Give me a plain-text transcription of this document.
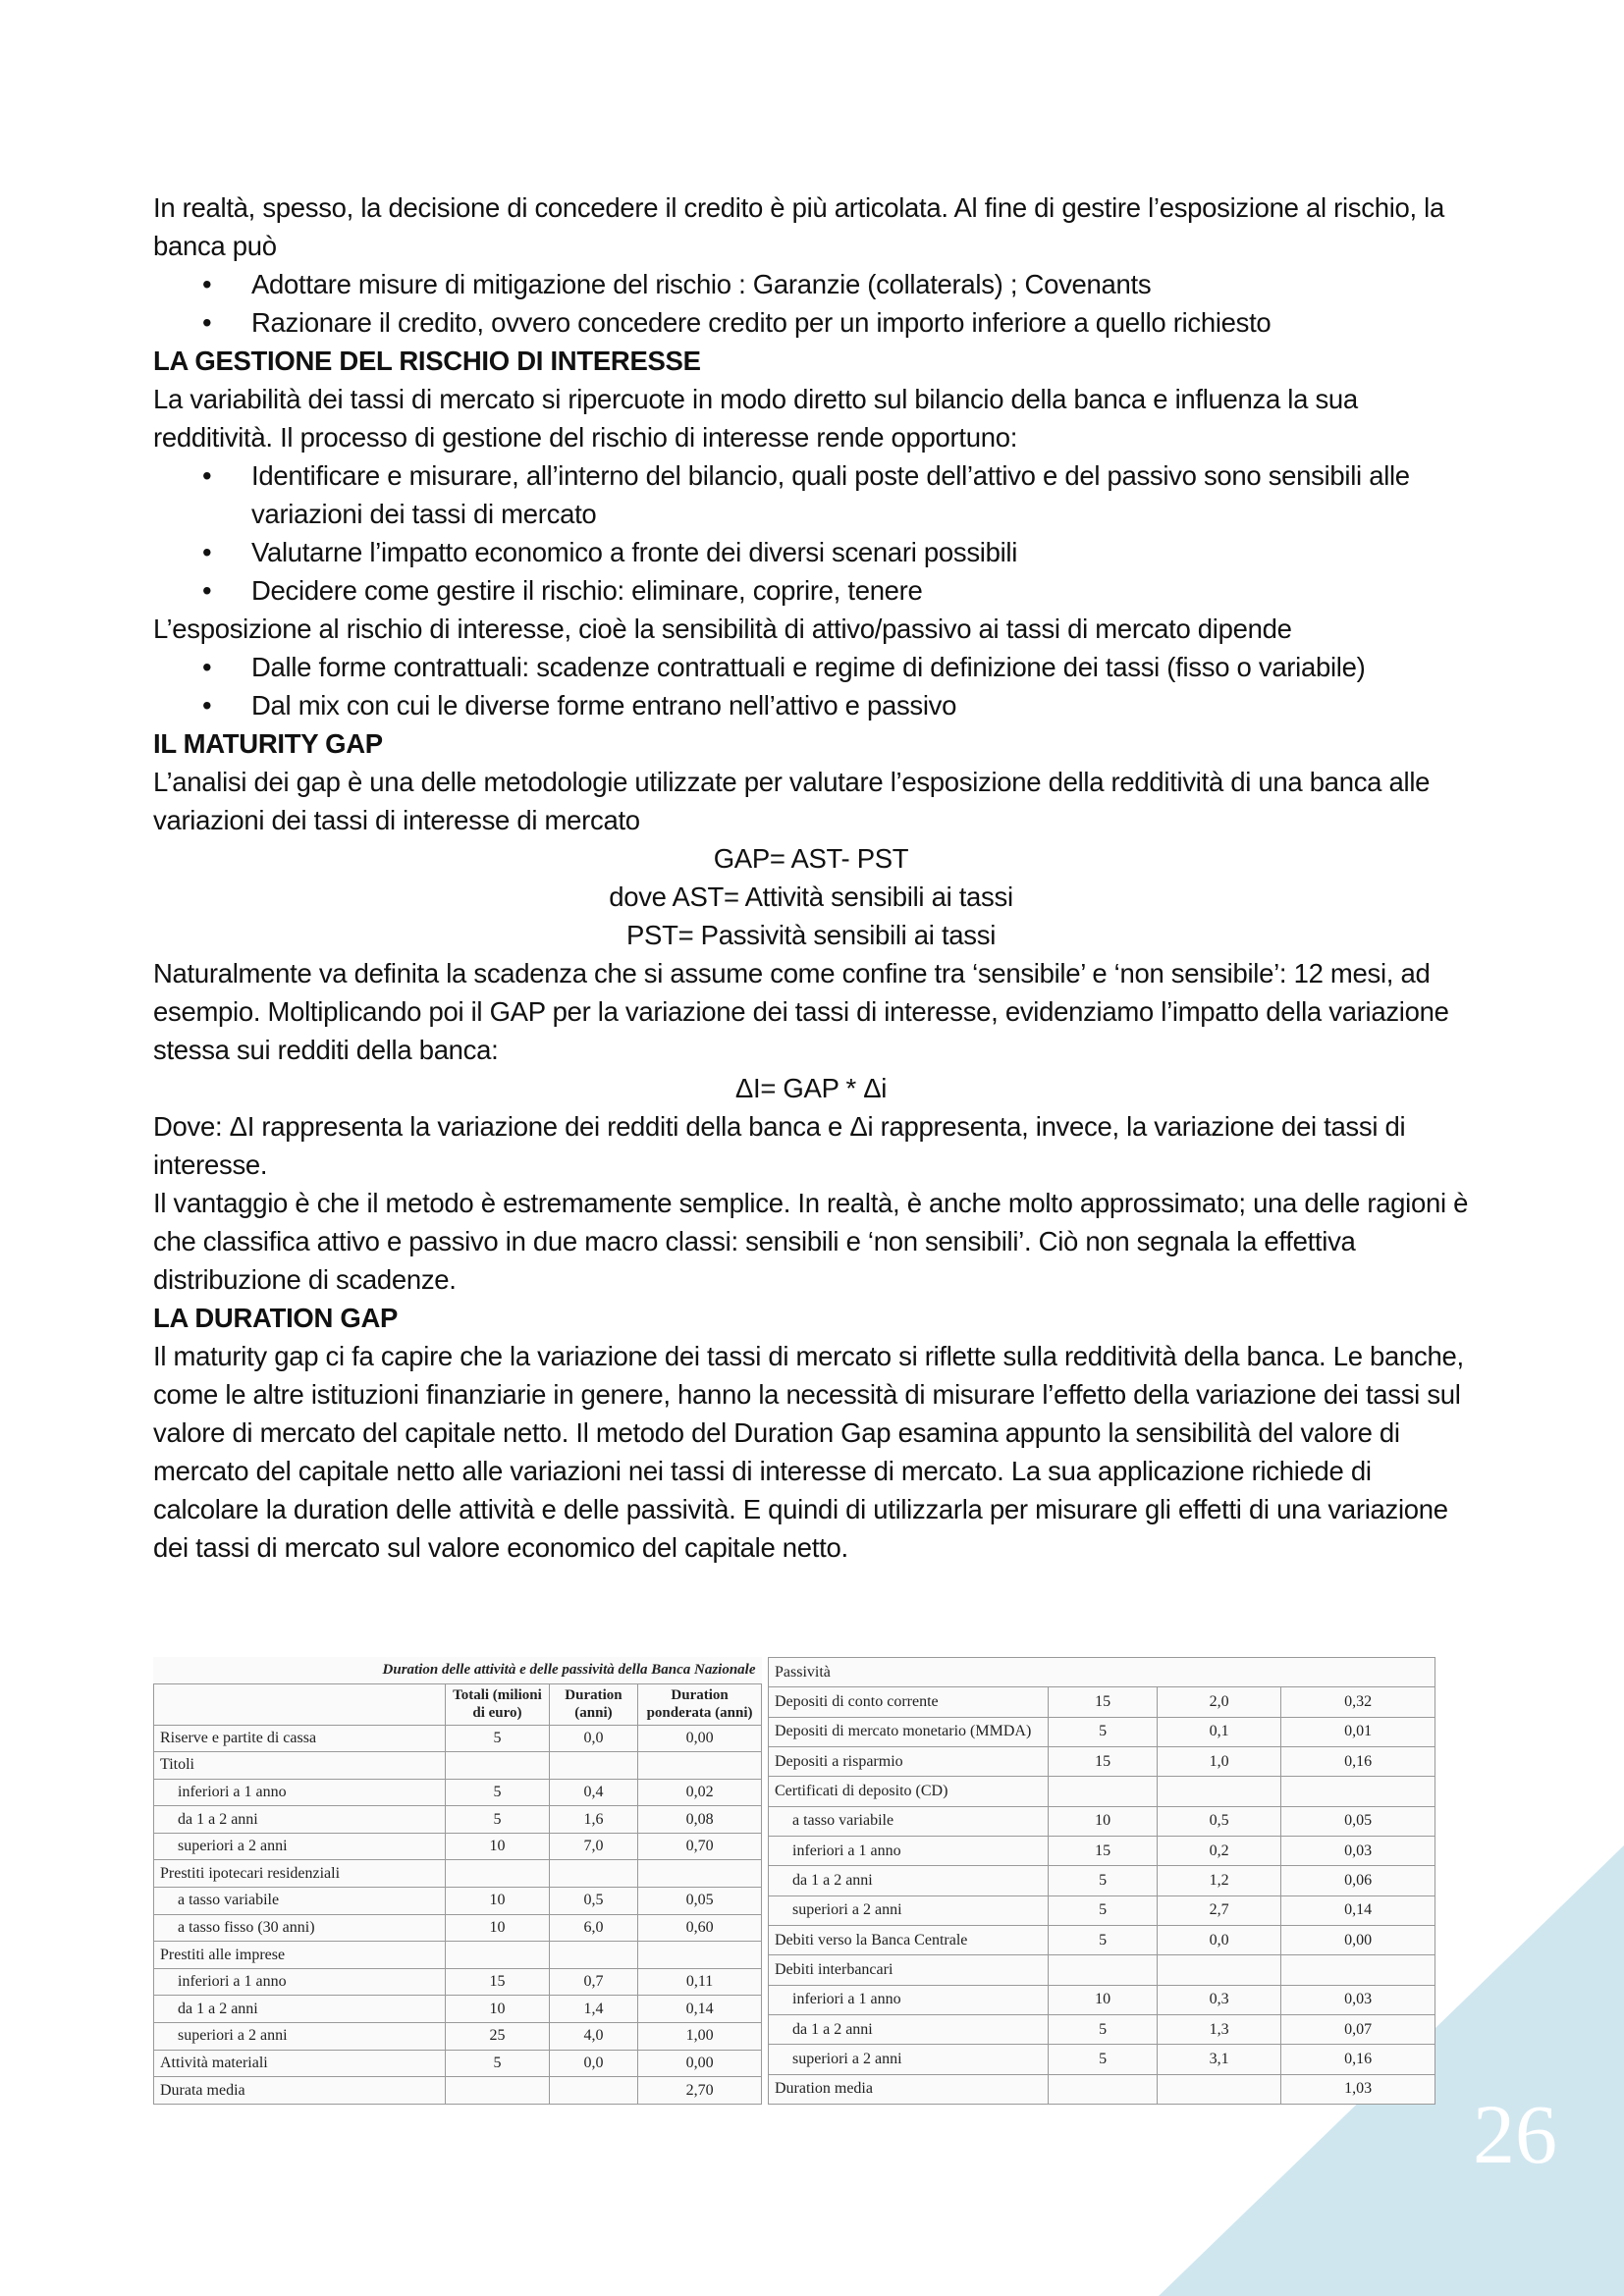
26

In realtà, spesso, la decisione di concedere il credito è più articolata. Al fine di gestire l’esposizione al rischio, la banca può

• Adottare misure di mitigazione del rischio : Garanzie (collaterals) ; Covenants
• Razionare il credito, ovvero concedere credito per un importo inferiore a quello richiesto
LA GESTIONE DEL RISCHIO DI INTERESSE

La variabilità dei tassi di mercato si ripercuote in modo diretto sul bilancio della banca e influenza la sua redditività. Il processo di gestione del rischio di interesse rende opportuno:

• Identificare e misurare, all’interno del bilancio, quali poste dell’attivo e del passivo sono sensibili alle variazioni dei tassi di mercato
• Valutarne l’impatto economico a fronte dei diversi scenari possibili
• Decidere come gestire il rischio: eliminare, coprire, tenere

L’esposizione al rischio di interesse, cioè la sensibilità di attivo/passivo ai tassi di mercato dipende

• Dalle forme contrattuali: scadenze contrattuali e regime di definizione dei tassi (fisso o variabile)
• Dal mix con cui le diverse forme entrano nell’attivo e passivo
IL MATURITY GAP

L’analisi dei gap è una delle metodologie utilizzate per valutare l’esposizione della redditività di una banca alle variazioni dei tassi di interesse di mercato

GAP= AST- PST

dove AST= Attività sensibili ai tassi

PST= Passività sensibili ai tassi

Naturalmente va definita la scadenza che si assume come confine tra ‘sensibile’ e ‘non sensibile’: 12 mesi, ad esempio. Moltiplicando poi il GAP per la variazione dei tassi di interesse, evidenziamo l’impatto della variazione stessa sui redditi della banca:

ΔI= GAP * Δi

Dove: ΔI rappresenta la variazione dei redditi della banca e Δi rappresenta, invece, la variazione dei tassi di interesse.

Il vantaggio è che il metodo è estremamente semplice. In realtà, è anche molto approssimato; una delle ragioni è che classifica attivo e passivo in due macro classi: sensibili e ‘non sensibili’. Ciò non segnala la effettiva distribuzione di scadenze.

LA DURATION GAP

Il maturity gap ci fa capire che la variazione dei tassi di mercato si riflette sulla redditività della banca. Le banche, come le altre istituzioni finanziarie in genere, hanno la necessità di misurare l’effetto della variazione dei tassi sul valore di mercato del capitale netto. Il metodo del Duration Gap esamina appunto la sensibilità del valore di mercato del capitale netto alle variazioni nei tassi di interesse di mercato. La sua applicazione richiede di calcolare la duration delle attività e delle passività. E quindi di utilizzarla per misurare gli effetti di una variazione dei tassi di mercato sul valore economico del capitale netto.

Duration delle attività e delle passività della Banca Nazionale			
	Totali (milioni di euro)	Duration (anni)	Duration ponderata (anni)
Riserve e partite di cassa	5	0,0	0,00
Titoli			
inferiori a 1 anno	5	0,4	0,02
da 1 a 2 anni	5	1,6	0,08
superiori a 2 anni	10	7,0	0,70
Prestiti ipotecari residenziali			
a tasso variabile	10	0,5	0,05
a tasso fisso (30 anni)	10	6,0	0,60
Prestiti alle imprese			
inferiori a 1 anno	15	0,7	0,11
da 1 a 2 anni	10	1,4	0,14
superiori a 2 anni	25	4,0	1,00
Attività materiali	5	0,0	0,00
Durata media			2,70
Passività			
Depositi di conto corrente	15	2,0	0,32
Depositi di mercato monetario (MMDA)	5	0,1	0,01
Depositi a risparmio	15	1,0	0,16
Certificati di deposito (CD)			
a tasso variabile	10	0,5	0,05
inferiori a 1 anno	15	0,2	0,03
da 1 a 2 anni	5	1,2	0,06
superiori a 2 anni	5	2,7	0,14
Debiti verso la Banca Centrale	5	0,0	0,00
Debiti interbancari			
inferiori a 1 anno	10	0,3	0,03
da 1 a 2 anni	5	1,3	0,07
superiori a 2 anni	5	3,1	0,16
Duration media			1,03
